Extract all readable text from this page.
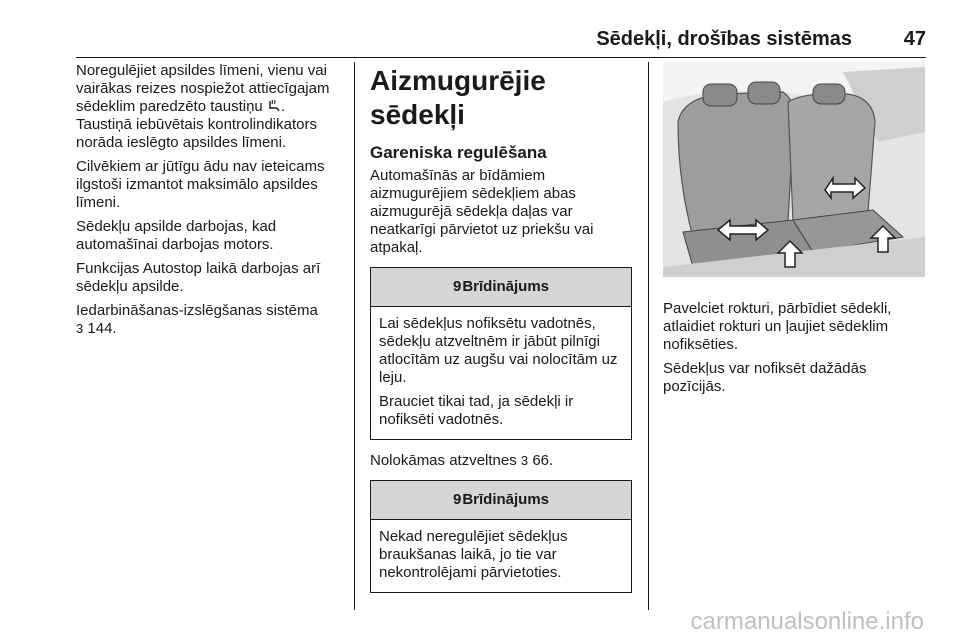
Sēdekļi, drošības sistēmas	47

Noregulējiet apsildes līmeni, vienu vai vairākas reizes nospiežot attiecīgajam sēdeklim paredzēto taustiņu . Taustiņā iebūvētais kontrolindikators norāda ieslēgto apsildes līmeni.

Cilvēkiem ar jūtīgu ādu nav ieteicams ilgstoši izmantot maksimālo apsildes līmeni.

Sēdekļu apsilde darbojas, kad automašīnai darbojas motors.

Funkcijas Autostop laikā darbojas arī sēdekļu apsilde.

Iedarbināšanas-izslēgšanas sistēma
3 144.

Aizmugurējie sēdekļi
Gareniska regulēšana

Automašīnās ar bīdāmiem aizmugurējiem sēdekļiem abas aizmugurējā sēdekļa daļas var neatkarīgi pārvietot uz priekšu vai atpakaļ.

9Brīdinājums

Lai sēdekļus nofiksētu vadotnēs, sēdekļu atzveltnēm ir jābūt pilnīgi atlocītām uz augšu vai nolocītām uz leju.

Brauciet tikai tad, ja sēdekļi ir nofiksēti vadotnēs.

Nolokāmas atzveltnes 3 66.

9Brīdinājums

Nekad neregulējiet sēdekļus braukšanas laikā, jo tie var nekontrolējami pārvietoties.

Pavelciet rokturi, pārbīdiet sēdekli, atlaidiet rokturi un ļaujiet sēdeklim nofiksēties.

Sēdekļus var nofiksēt dažādās pozīcijās.

carmanualsonline.info
